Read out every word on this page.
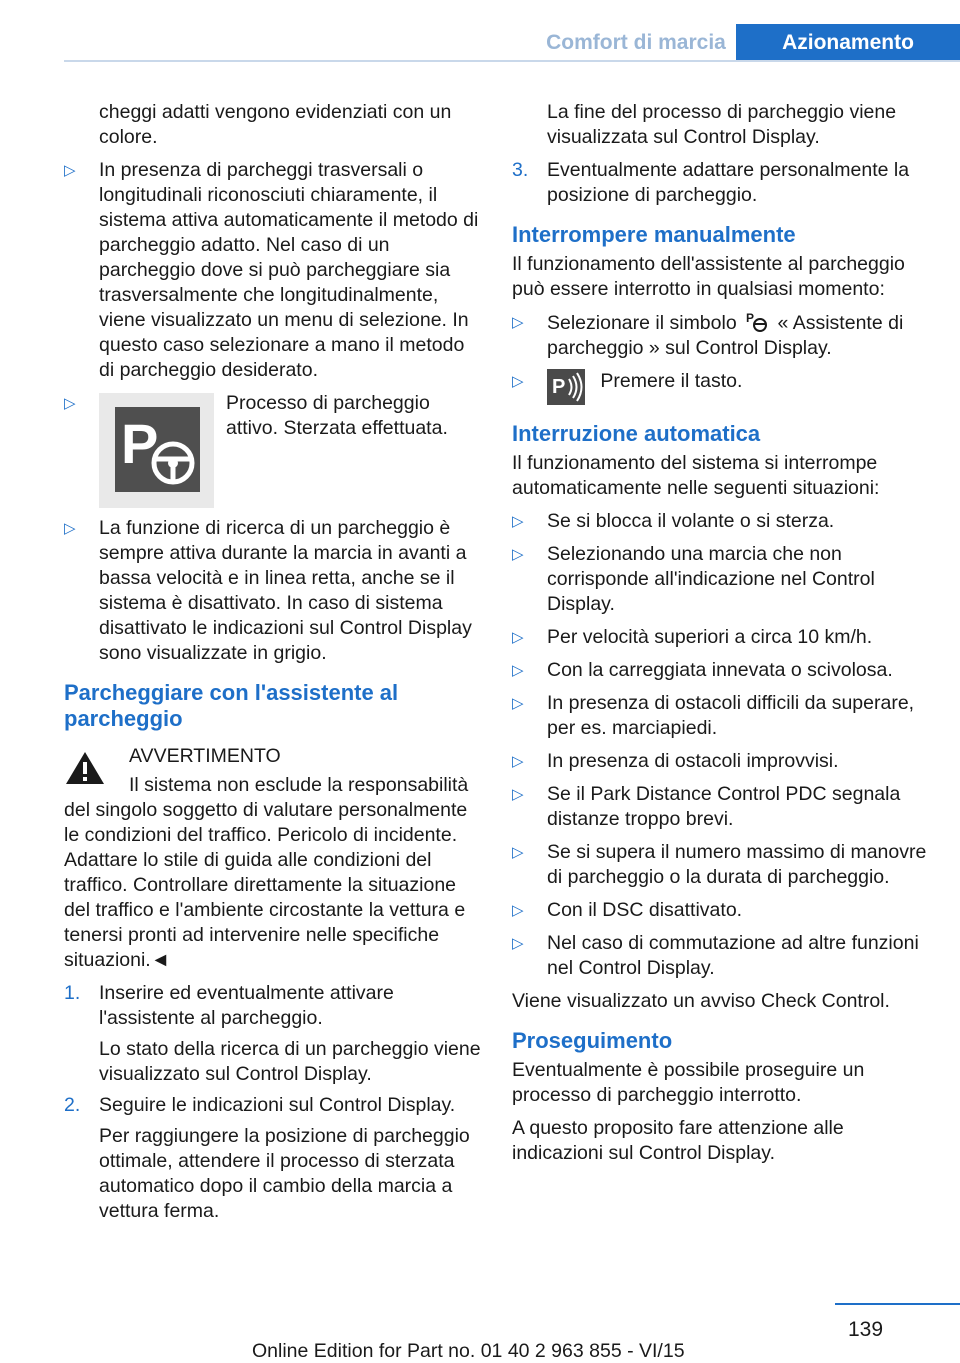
Comfort di marcia	Azionamento

cheggi adatti vengono evidenziati con un colore.

▷ In presenza di parcheggi trasversali o longitudinali riconosciuti chiaramente, il sistema attiva automaticamente il metodo di parcheggio adatto. Nel caso di un parcheggio dove si può parcheggiare sia trasversalmente che longitudinalmente, viene visualizzato un menu di selezione. In questo caso selezionare a mano il metodo di parcheggio desiderato.

▷
P

Processo di parcheggio attivo. Sterzata effettuata.

▷ La funzione di ricerca di un parcheggio è sempre attiva durante la marcia in avanti a bassa velocità e in linea retta, anche se il sistema è disattivato. In caso di sistema disattivato le indicazioni sul Control Display sono visualizzate in grigio.

Parcheggiare con l'assistente al parcheggio

AVVERTIMENTO

Il sistema non esclude la responsabilità del singolo soggetto di valutare personalmente le condizioni del traffico. Pericolo di incidente. Adattare lo stile di guida alle condizioni del traffico. Controllare direttamente la situazione del traffico e l'ambiente circostante la vettura e tenersi pronti ad intervenire nelle specifiche situazioni.◄

1. Inserire ed eventualmente attivare l'assistente al parcheggio.

Lo stato della ricerca di un parcheggio viene visualizzato sul Control Display.

2. Seguire le indicazioni sul Control Display.

Per raggiungere la posizione di parcheggio ottimale, attendere il processo di sterzata automatico dopo il cambio della marcia a vettura ferma.

La fine del processo di parcheggio viene visualizzata sul Control Display.

3. Eventualmente adattare personalmente la posizione di parcheggio.

Interrompere manualmente

Il funzionamento dell'assistente al parcheggio può essere interrotto in qualsiasi momento:

▷ Selezionare il simbolo P « Assistente di parcheggio » sul Control Display.

▷ P Premere il tasto.

Interruzione automatica

Il funzionamento del sistema si interrompe automaticamente nelle seguenti situazioni:

▷ Se si blocca il volante o si sterza.

▷ Selezionando una marcia che non corrisponde all'indicazione nel Control Display.

▷ Per velocità superiori a circa 10 km/h.

▷ Con la carreggiata innevata o scivolosa.

▷ In presenza di ostacoli difficili da superare, per es. marciapiedi.

▷ In presenza di ostacoli improvvisi.

▷ Se il Park Distance Control PDC segnala distanze troppo brevi.

▷ Se si supera il numero massimo di manovre di parcheggio o la durata di parcheggio.

▷ Con il DSC disattivato.

▷ Nel caso di commutazione ad altre funzioni nel Control Display.

Viene visualizzato un avviso Check Control.

Proseguimento

Eventualmente è possibile proseguire un processo di parcheggio interrotto.

A questo proposito fare attenzione alle indicazioni sul Control Display.

139
Online Edition for Part no. 01 40 2 963 855 - VI/15
